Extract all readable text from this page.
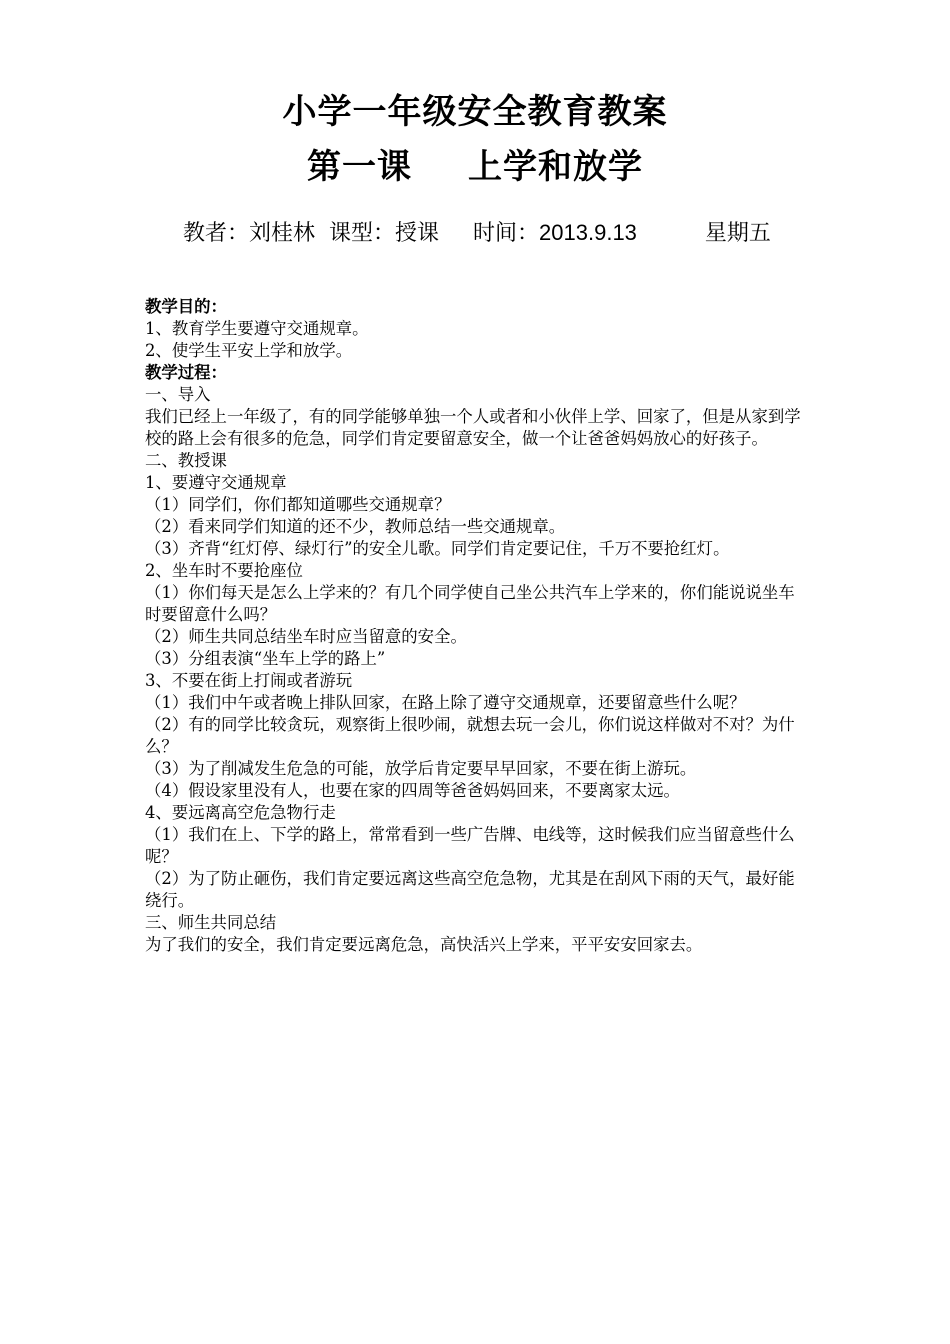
小学一年级安全教育教案
第一课 上学和放学
教者：刘桂林 课型：授课 时间：2013.9.13	星期五

教学目的：

1、教育学生要遵守交通规章。

2、使学生平安上学和放学。

教学过程：

一、导入

我们已经上一年级了，有的同学能够单独一个人或者和小伙伴上学、回家了，但是从家到学校的路上会有很多的危急，同学们肯定要留意安全，做一个让爸爸妈妈放心的好孩子。

二、教授课

1、要遵守交通规章

（1）同学们，你们都知道哪些交通规章？

（2）看来同学们知道的还不少，教师总结一些交通规章。

（3）齐背“红灯停、绿灯行”的安全儿歌。同学们肯定要记住，千万不要抢红灯。

2、坐车时不要抢座位

（1）你们每天是怎么上学来的？有几个同学使自己坐公共汽车上学来的，你们能说说坐车时要留意什么吗？

（2）师生共同总结坐车时应当留意的安全。

（3）分组表演“坐车上学的路上”

3、不要在街上打闹或者游玩

（1）我们中午或者晚上排队回家，在路上除了遵守交通规章，还要留意些什么呢？

（2）有的同学比较贪玩，观察街上很吵闹，就想去玩一会儿，你们说这样做对不对？为什么？

（3）为了削减发生危急的可能，放学后肯定要早早回家，不要在街上游玩。

（4）假设家里没有人，也要在家的四周等爸爸妈妈回来，不要离家太远。

4、要远离高空危急物行走

（1）我们在上、下学的路上，常常看到一些广告牌、电线等，这时候我们应当留意些什么呢？

（2）为了防止砸伤，我们肯定要远离这些高空危急物，尤其是在刮风下雨的天气，最好能绕行。

三、师生共同总结

为了我们的安全，我们肯定要远离危急，高快活兴上学来，平平安安回家去。
